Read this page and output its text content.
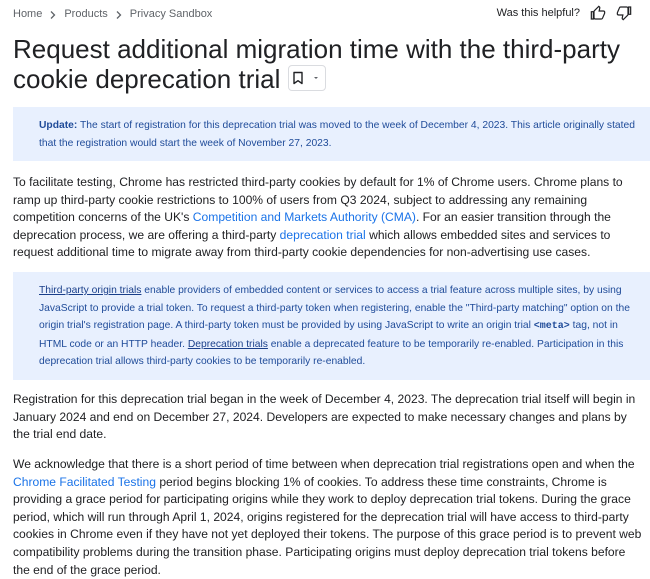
Home Products Privacy Sandbox	Was this helpful?
Request additional migration time with the third-party cookie deprecation trial
Update: The start of registration for this deprecation trial was moved to the week of December 4, 2023. This article originally stated that the registration would start the week of November 27, 2023.

To facilitate testing, Chrome has restricted third-party cookies by default for 1% of Chrome users. Chrome plans to ramp up third-party cookie restrictions to 100% of users from Q3 2024, subject to addressing any remaining competition concerns of the UK's Competition and Markets Authority (CMA). For an easier transition through the deprecation process, we are offering a third-party deprecation trial which allows embedded sites and services to request additional time to migrate away from third-party cookie dependencies for non-advertising use cases.

Third-party origin trials enable providers of embedded content or services to access a trial feature across multiple sites, by using JavaScript to provide a trial token. To request a third-party token when registering, enable the "Third-party matching" option on the origin trial's registration page. A third-party token must be provided by using JavaScript to write an origin trial <meta> tag, not in HTML code or an HTTP header. Deprecation trials enable a deprecated feature to be temporarily re-enabled. Participation in this deprecation trial allows third-party cookies to be temporarily re-enabled.

Registration for this deprecation trial began in the week of December 4, 2023. The deprecation trial itself will begin in January 2024 and end on December 27, 2024. Developers are expected to make necessary changes and plans by the trial end date.

We acknowledge that there is a short period of time between when deprecation trial registrations open and when the Chrome Facilitated Testing period begins blocking 1% of cookies. To address these time constraints, Chrome is providing a grace period for participating origins while they work to deploy deprecation trial tokens. During the grace period, which will run through April 1, 2024, origins registered for the deprecation trial will have access to third-party cookies in Chrome even if they have not yet deployed their tokens. The purpose of this grace period is to prevent web compatibility problems during the transition phase. Participating origins must deploy deprecation trial tokens before the end of the grace period.
